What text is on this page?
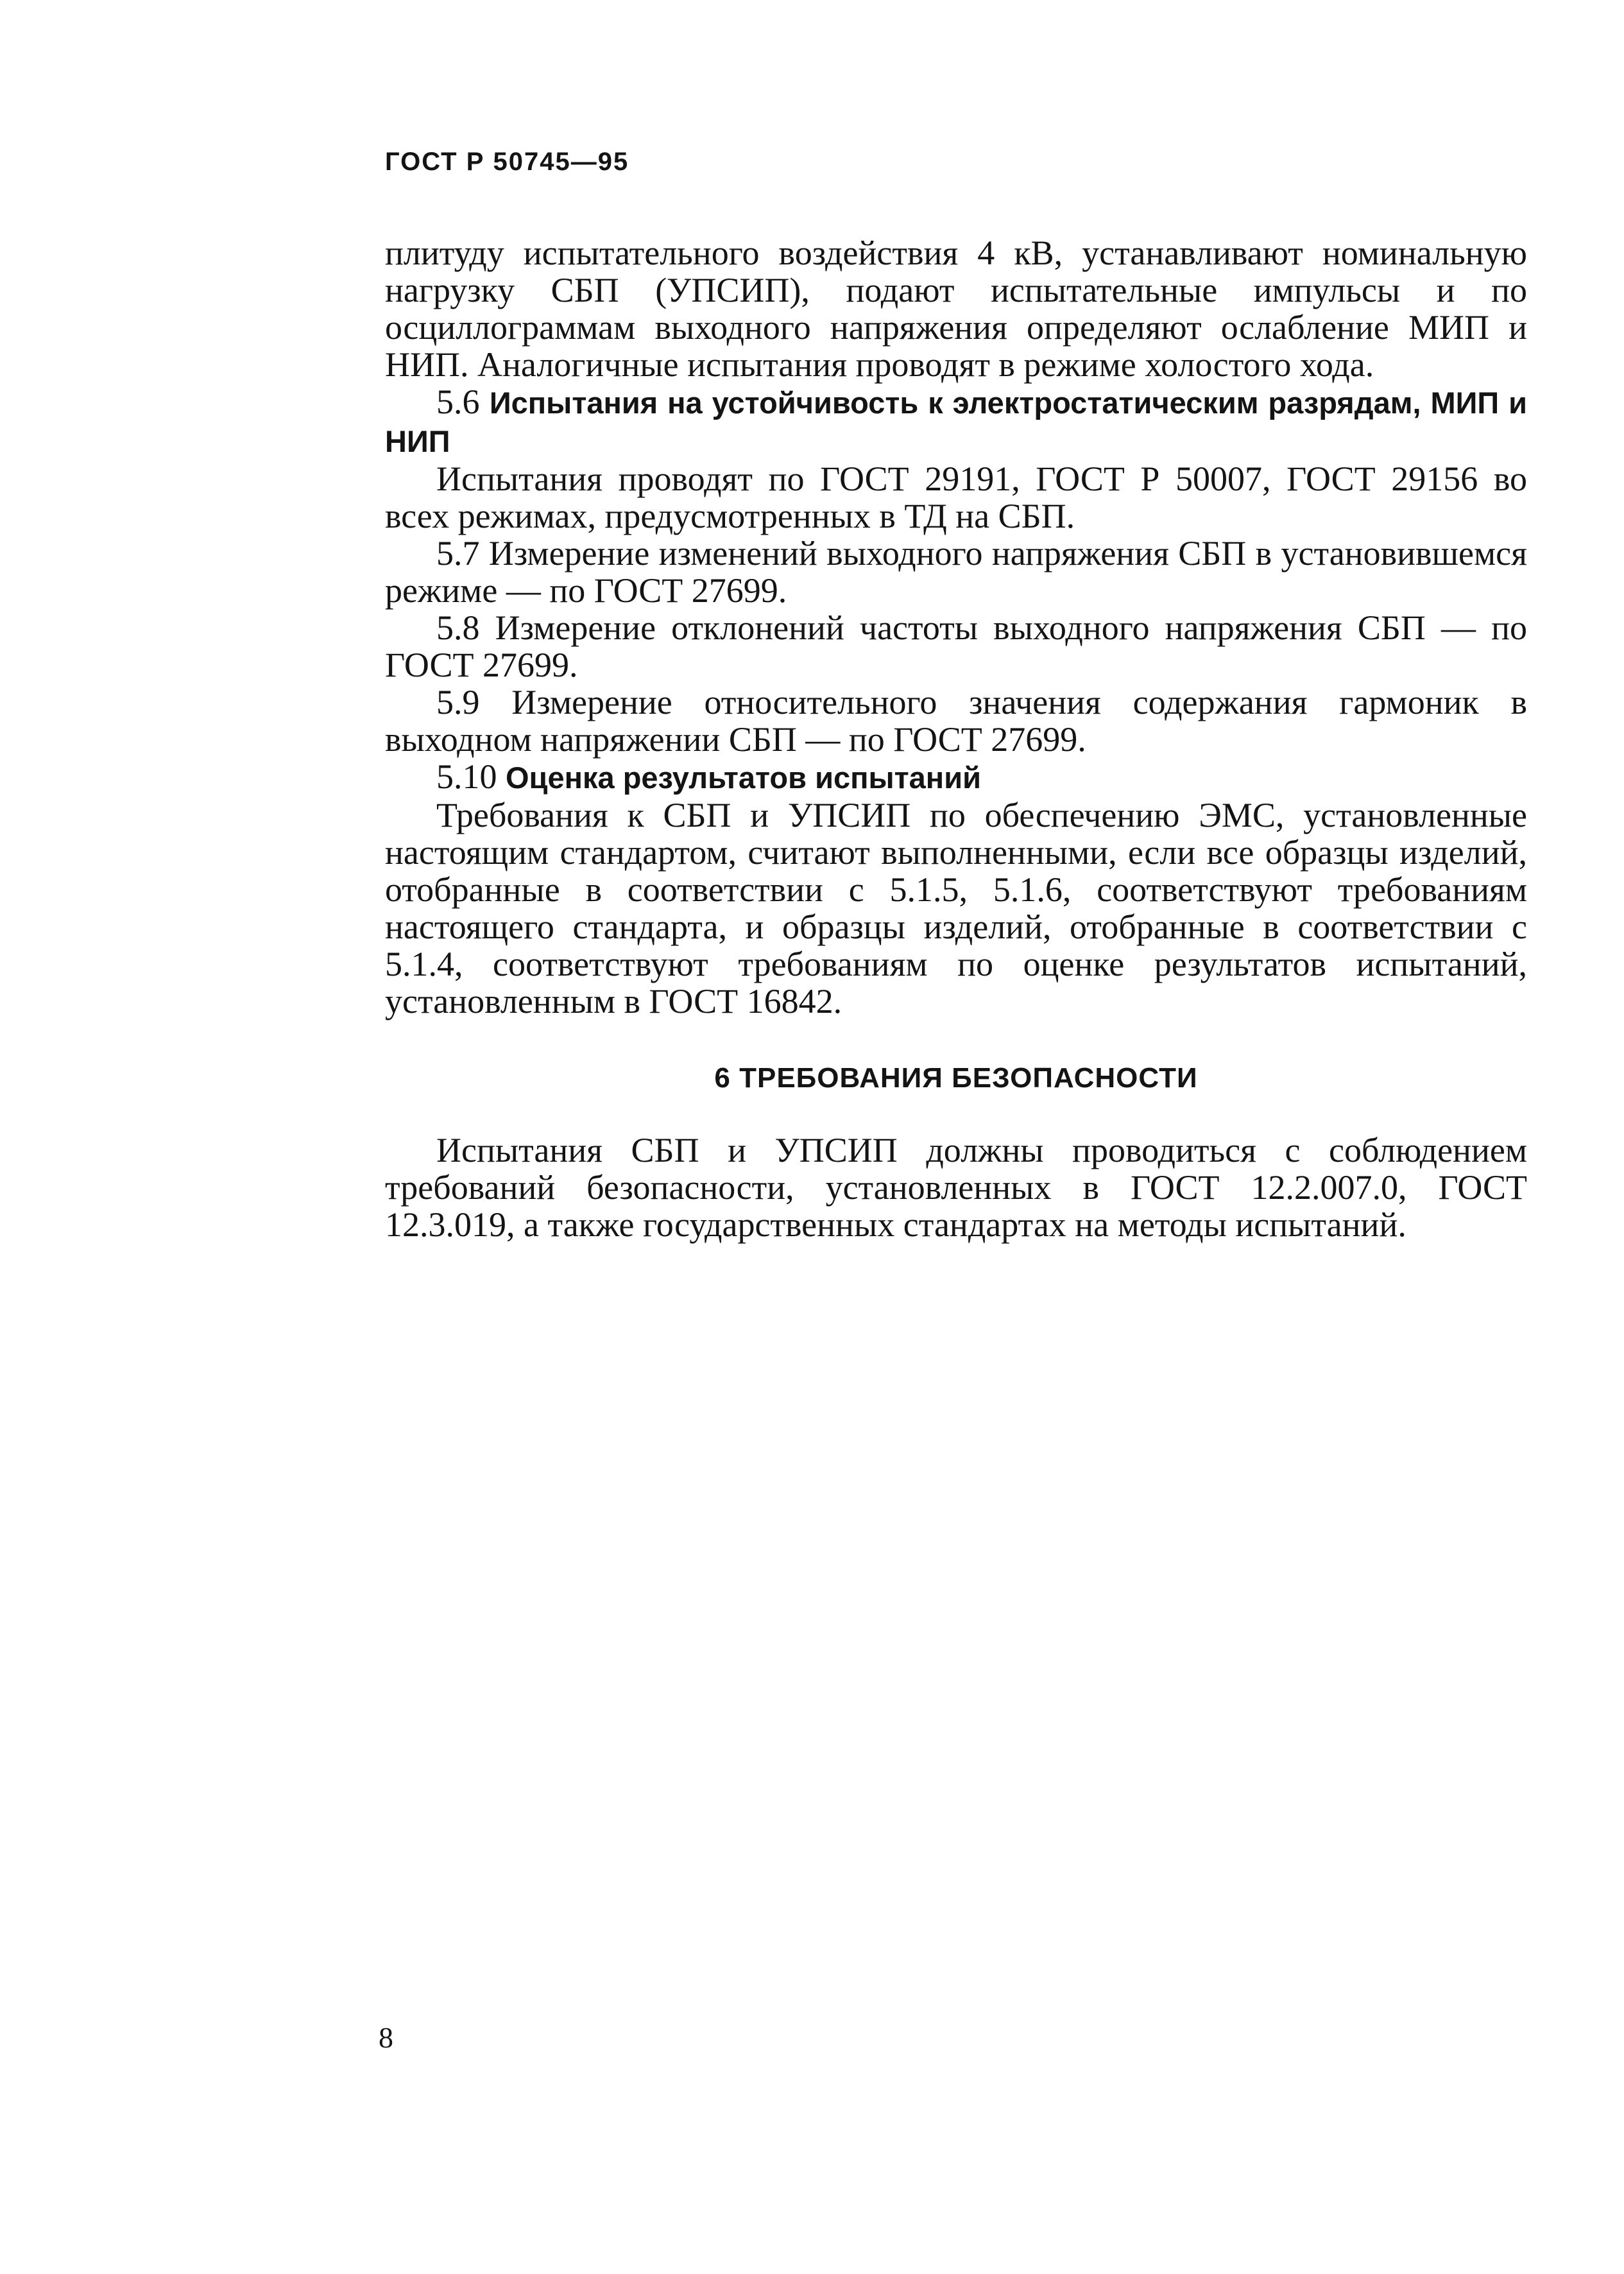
ГОСТ Р 50745—95

плитуду испытательного воздействия 4 кВ, устанавливают номинальную нагрузку СБП (УПСИП), подают испытательные импульсы и по осциллограммам выходного напряжения определяют ослабление МИП и НИП. Аналогичные испытания проводят в режиме холостого хода.

5.6 Испытания на устойчивость к электростатическим разрядам, МИП и НИП

Испытания проводят по ГОСТ 29191, ГОСТ Р 50007, ГОСТ 29156 во всех режимах, предусмотренных в ТД на СБП.

5.7 Измерение изменений выходного напряжения СБП в установившемся режиме — по ГОСТ 27699.

5.8 Измерение отклонений частоты выходного напряжения СБП — по ГОСТ 27699.

5.9 Измерение относительного значения содержания гармоник в выходном напряжении СБП — по ГОСТ 27699.

5.10 Оценка результатов испытаний

Требования к СБП и УПСИП по обеспечению ЭМС, установленные настоящим стандартом, считают выполненными, если все образцы изделий, отобранные в соответствии с 5.1.5, 5.1.6, соответствуют требованиям настоящего стандарта, и образцы изделий, отобранные в соответствии с 5.1.4, соответствуют требованиям по оценке результатов испытаний, установленным в ГОСТ 16842.

6 ТРЕБОВАНИЯ БЕЗОПАСНОСТИ

Испытания СБП и УПСИП должны проводиться с соблюдением требований безопасности, установленных в ГОСТ 12.2.007.0, ГОСТ 12.3.019, а также государственных стандартах на методы испытаний.

8
